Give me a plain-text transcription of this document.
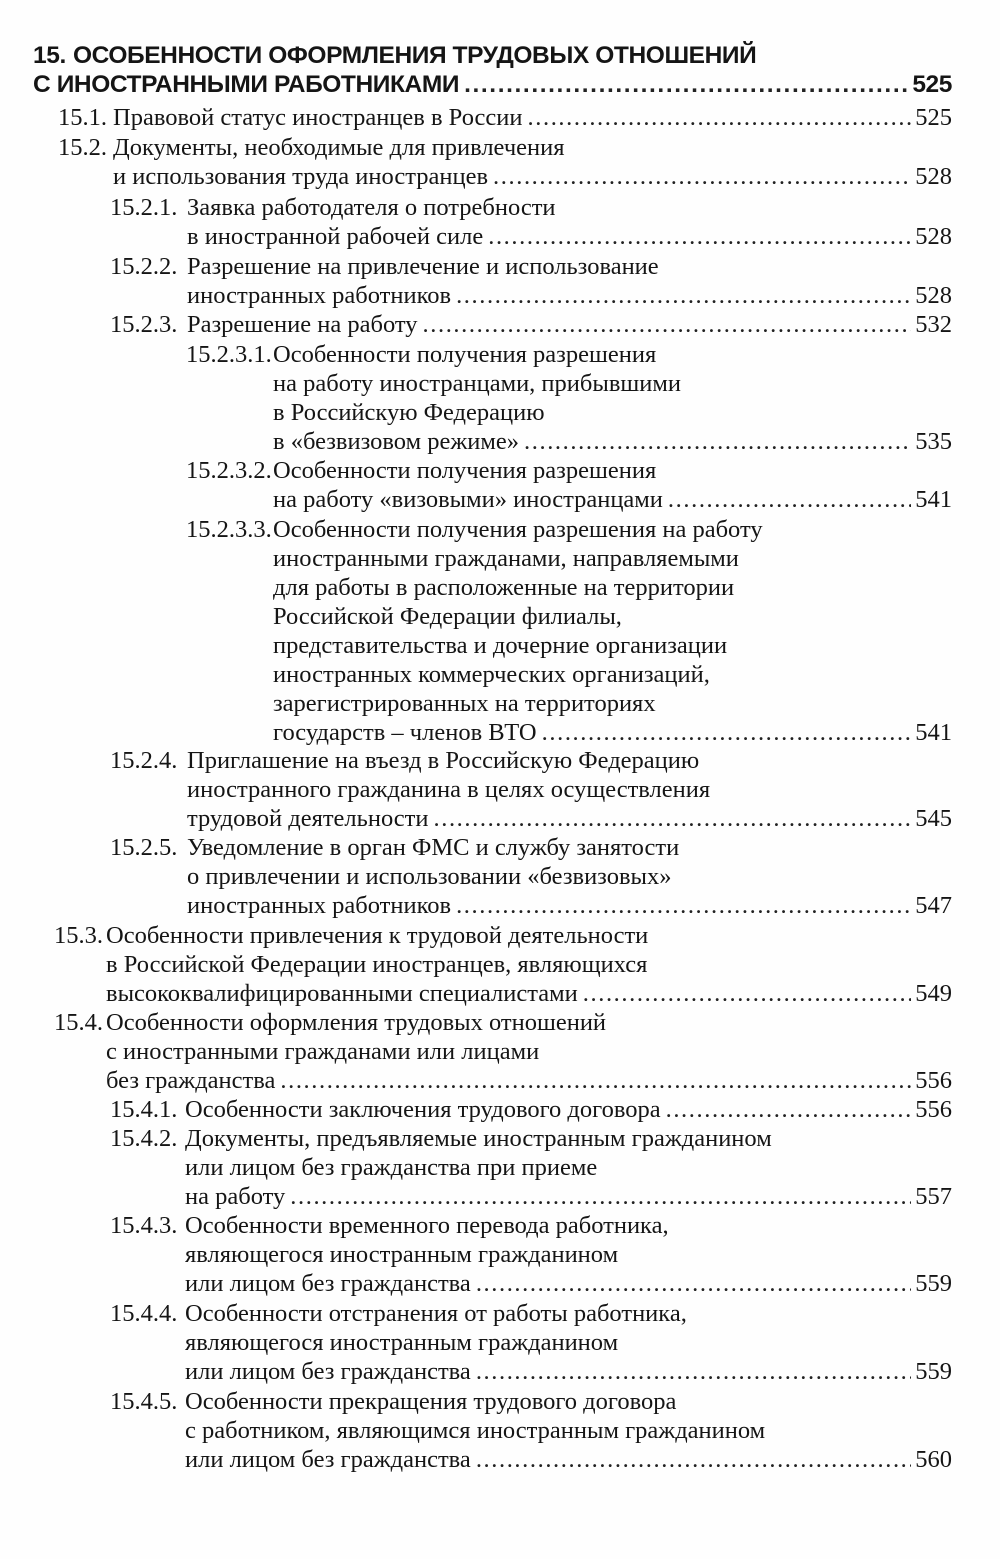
15. ОСОБЕННОСТИ ОФОРМЛЕНИЯ ТРУДОВЫХ ОТНОШЕНИЙ
С ИНОСТРАННЫМИ РАБОТНИКАМИ .....	525
15.1. Правовой статус иностранцев в России .....	525
15.2. Документы, необходимые для привлечения
и использования труда иностранцев .....	528
15.2.1. Заявка работодателя о потребности
в иностранной рабочей силе .....	528
15.2.2. Разрешение на привлечение и использование
иностранных работников .....	528
15.2.3. Разрешение на работу .....	532
15.2.3.1. Особенности получения разрешения
на работу иностранцами, прибывшими
в Российскую Федерацию
в «безвизовом режиме» .....	535
15.2.3.2. Особенности получения разрешения
на работу «визовыми» иностранцами .....	541
15.2.3.3. Особенности получения разрешения на работу
иностранными гражданами, направляемыми
для работы в расположенные на территории
Российской Федерации филиалы,
представительства и дочерние организации
иностранных коммерческих организаций,
зарегистрированных на территориях
государств – членов ВТО .....	541
15.2.4. Приглашение на въезд в Российскую Федерацию
иностранного гражданина в целях осуществления
трудовой деятельности .....	545
15.2.5. Уведомление в орган ФМС и службу занятости
о привлечении и использовании «безвизовых»
иностранных работников .....	547
15.3. Особенности привлечения к трудовой деятельности
в Российской Федерации иностранцев, являющихся
высококвалифицированными специалистами .....	549
15.4. Особенности оформления трудовых отношений
с иностранными гражданами или лицами
без гражданства .....	556
15.4.1. Особенности заключения трудового договора .....	556
15.4.2. Документы, предъявляемые иностранным гражданином
или лицом без гражданства при приеме
на работу .....	557
15.4.3. Особенности временного перевода работника,
являющегося иностранным гражданином
или лицом без гражданства .....	559
15.4.4. Особенности отстранения от работы работника,
являющегося иностранным гражданином
или лицом без гражданства .....	559
15.4.5. Особенности прекращения трудового договора
с работником, являющимся иностранным гражданином
или лицом без гражданства .....	560
